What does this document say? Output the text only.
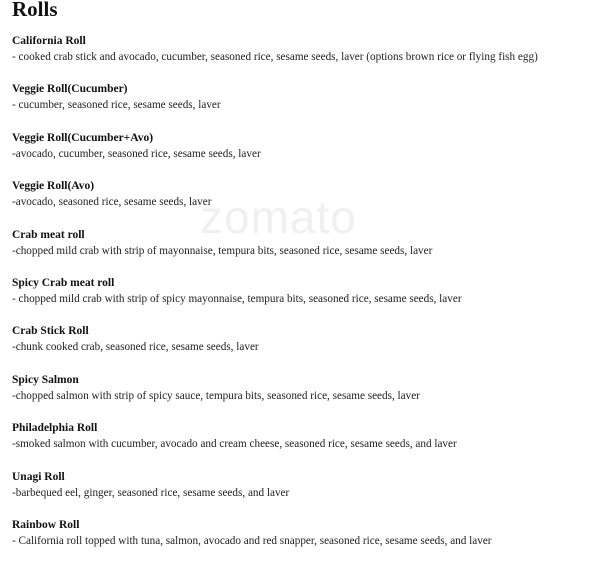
zomato
Rolls
California Roll
- cooked crab stick and avocado, cucumber, seasoned rice, sesame seeds, laver (options brown rice or flying fish egg)
Veggie Roll(Cucumber)
- cucumber, seasoned rice, sesame seeds, laver
Veggie Roll(Cucumber+Avo)
-avocado, cucumber, seasoned rice, sesame seeds, laver
Veggie Roll(Avo)
-avocado, seasoned rice, sesame seeds, laver
Crab meat roll
-chopped mild crab with strip of mayonnaise, tempura bits, seasoned rice, sesame seeds, laver
Spicy Crab meat roll
- chopped mild crab with strip of spicy mayonnaise, tempura bits, seasoned rice, sesame seeds, laver
Crab Stick Roll
-chunk cooked crab, seasoned rice, sesame seeds, laver
Spicy Salmon
-chopped salmon with strip of spicy sauce, tempura bits, seasoned rice, sesame seeds, laver
Philadelphia Roll
-smoked salmon with cucumber, avocado and cream cheese, seasoned rice, sesame seeds, and laver
Unagi Roll
-barbequed eel, ginger, seasoned rice, sesame seeds, and laver
Rainbow Roll
- California roll topped with tuna, salmon, avocado and red snapper, seasoned rice, sesame seeds, and laver
